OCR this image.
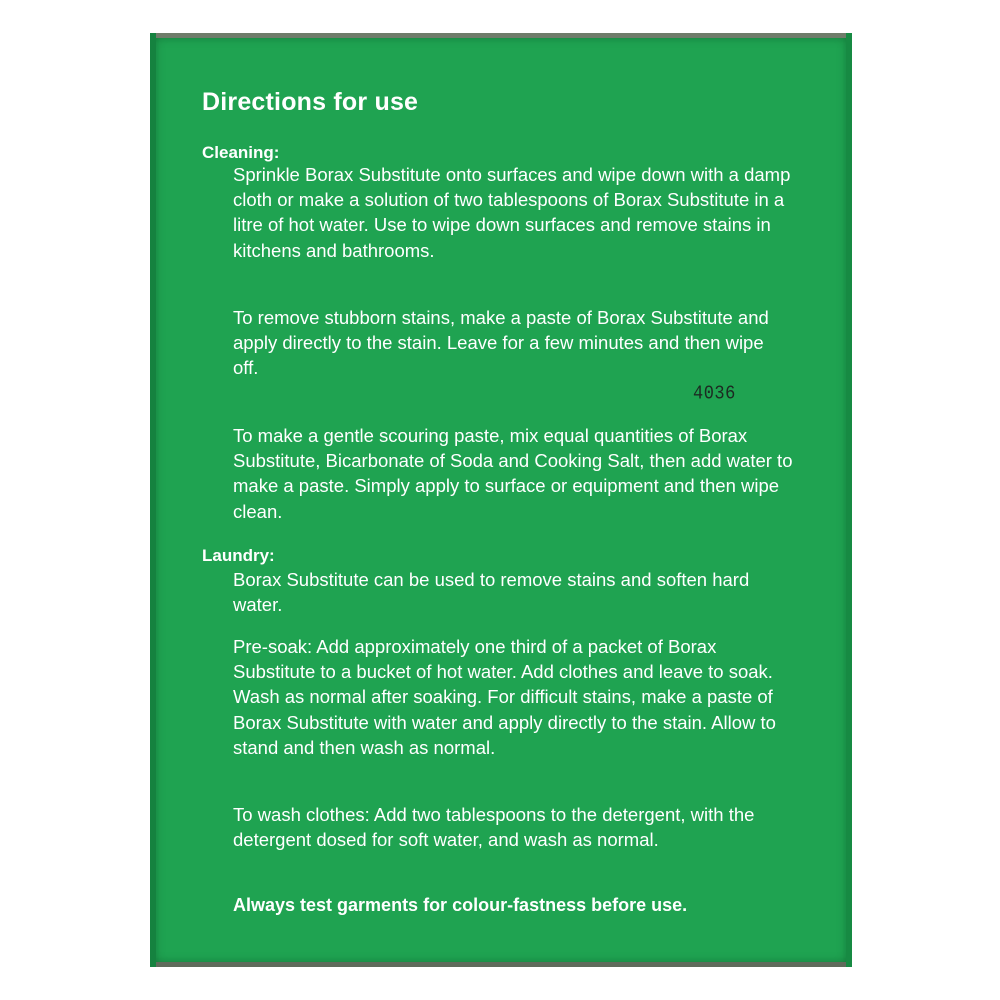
Directions for use
Cleaning:
Sprinkle Borax Substitute onto surfaces and wipe down with a damp cloth or make a solution of two tablespoons of Borax Substitute in a litre of hot water. Use to wipe down surfaces and remove stains in kitchens and bathrooms.
To remove stubborn stains, make a paste of Borax Substitute and apply directly to the stain. Leave for a few minutes and then wipe off.
To make a gentle scouring paste, mix equal quantities of Borax Substitute, Bicarbonate of Soda and Cooking Salt, then add water to make a paste. Simply apply to surface or equipment and then wipe clean.
4036
Laundry:
Borax Substitute can be used to remove stains and soften hard water.
Pre-soak: Add approximately one third of a packet of Borax Substitute to a bucket of hot water. Add clothes and leave to soak. Wash as normal after soaking. For difficult stains, make a paste of Borax Substitute with water and apply directly to the stain. Allow to stand and then wash as normal.
To wash clothes: Add two tablespoons to the detergent, with the detergent dosed for soft water, and wash as normal.
Always test garments for colour-fastness before use.
